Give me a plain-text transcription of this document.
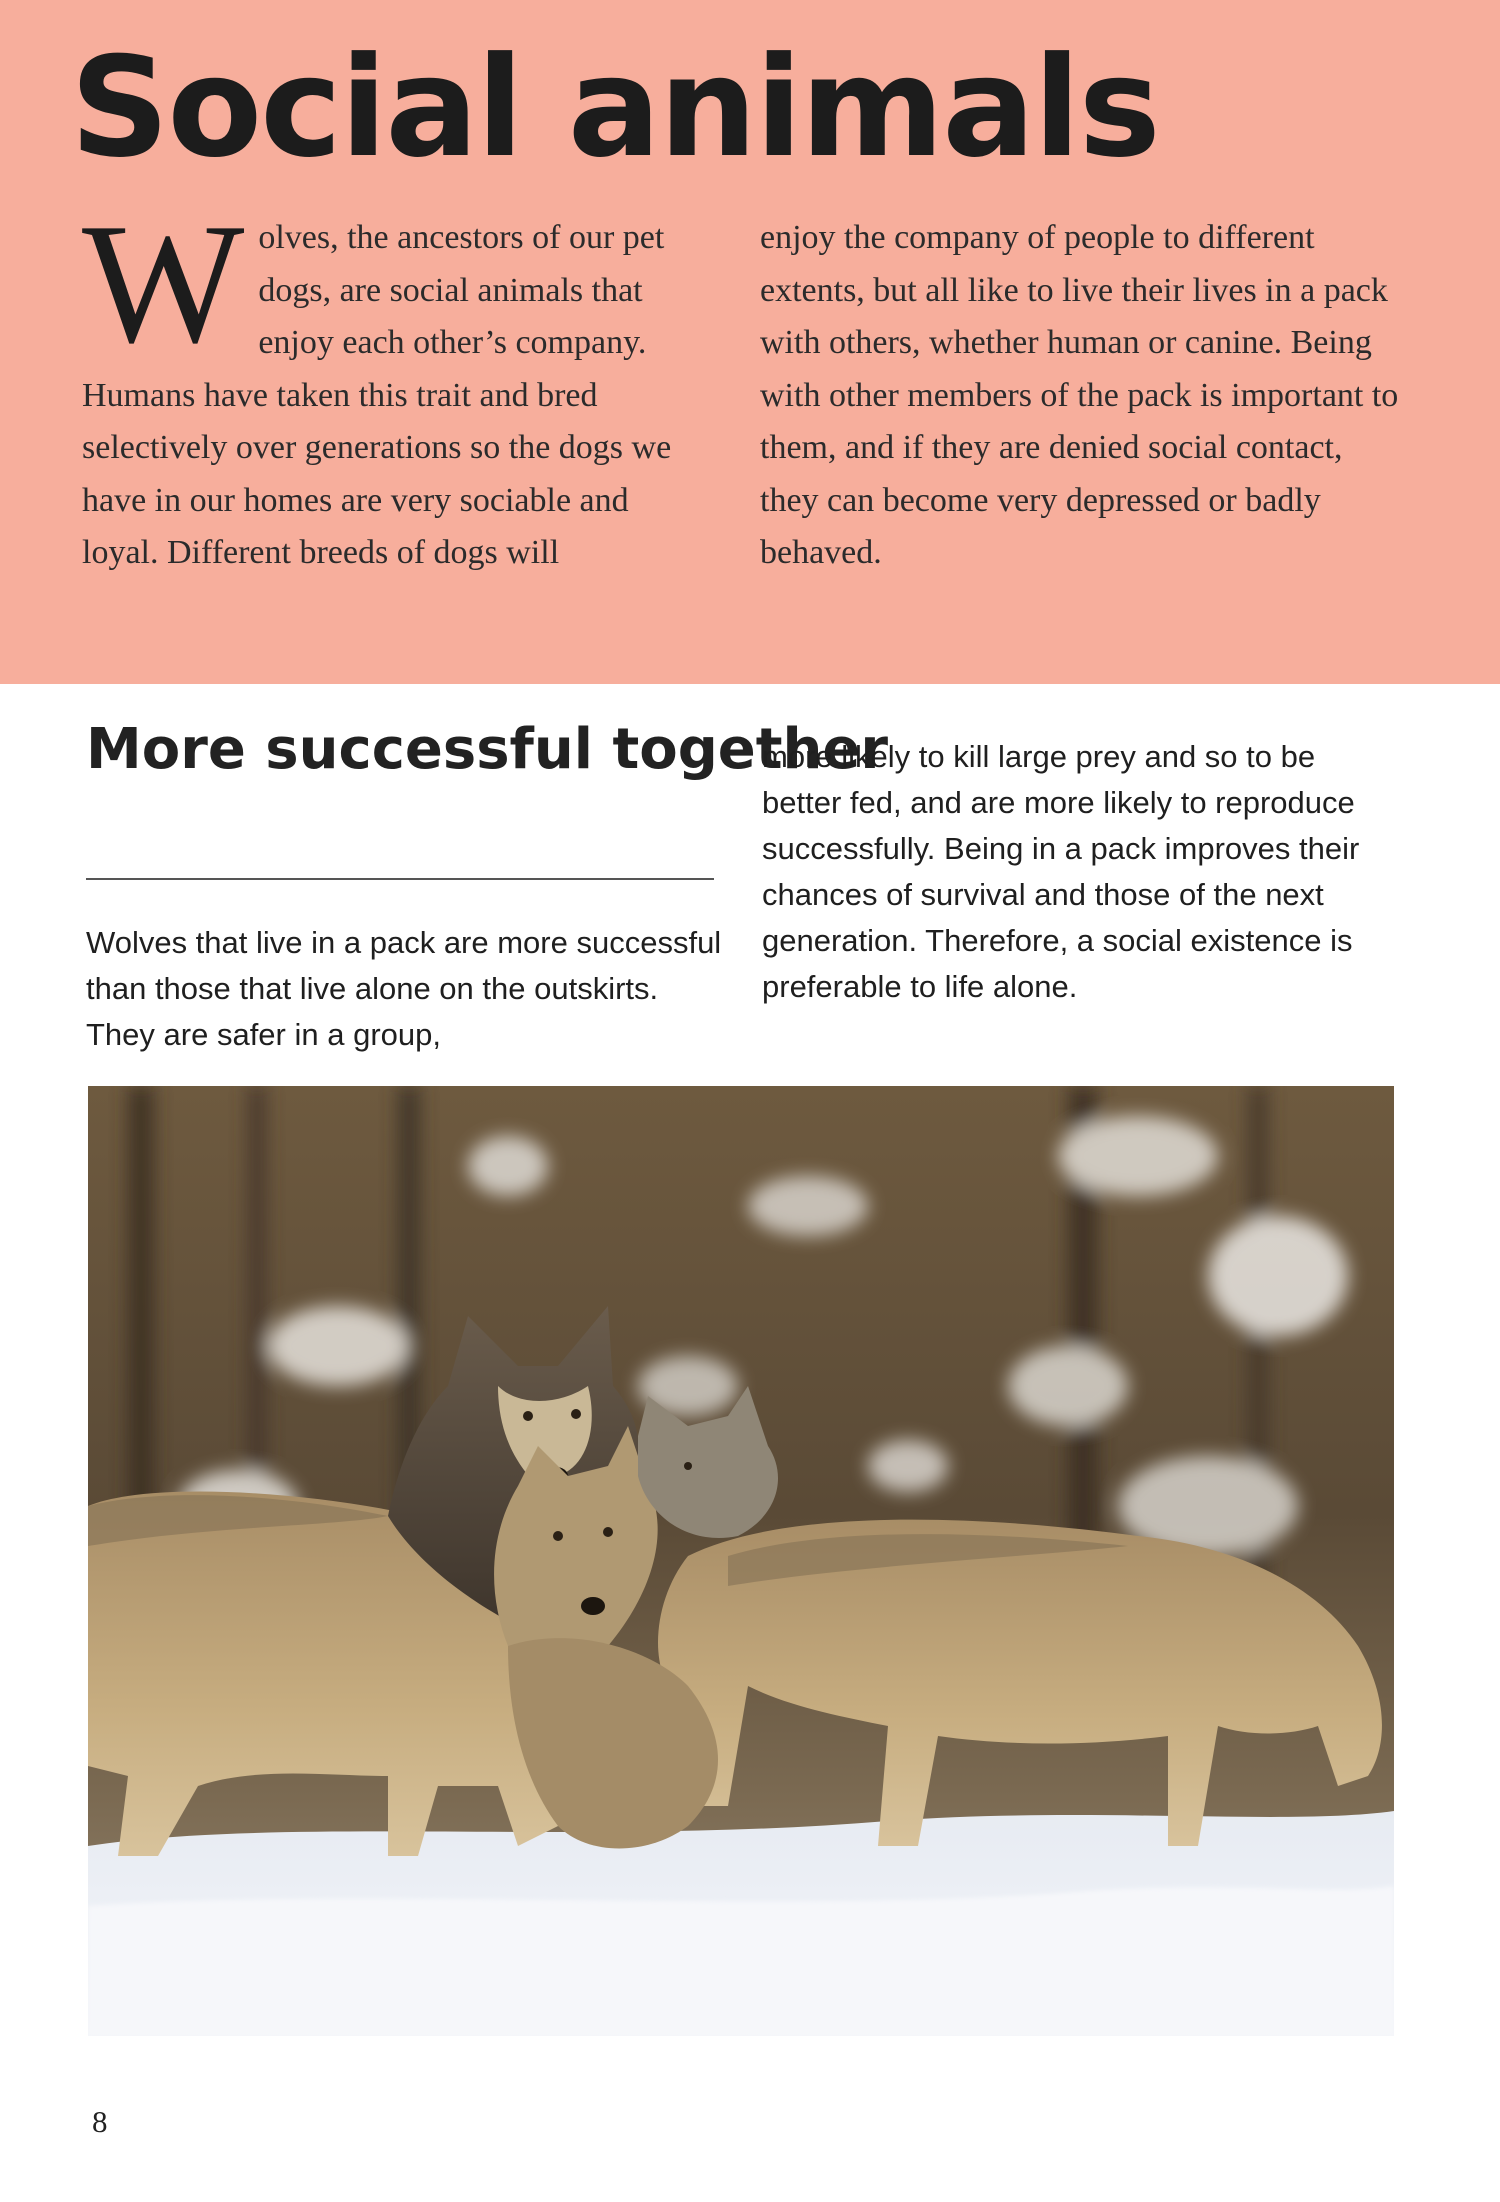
Social animals

Wolves, the ancestors of our pet dogs, are social animals that enjoy each other’s company. Humans have taken this trait and bred selectively over generations so the dogs we have in our homes are very sociable and loyal. Different breeds of dogs will

enjoy the company of people to different extents, but all like to live their lives in a pack with others, whether human or canine. Being with other members of the pack is important to them, and if they are denied social contact, they can become very depressed or badly behaved.

More successful together

Wolves that live in a pack are more successful than those that live alone on the outskirts. They are safer in a group,

more likely to kill large prey and so to be better fed, and are more likely to reproduce successfully. Being in a pack improves their chances of survival and those of the next generation. Therefore, a social existence is preferable to life alone.

8
